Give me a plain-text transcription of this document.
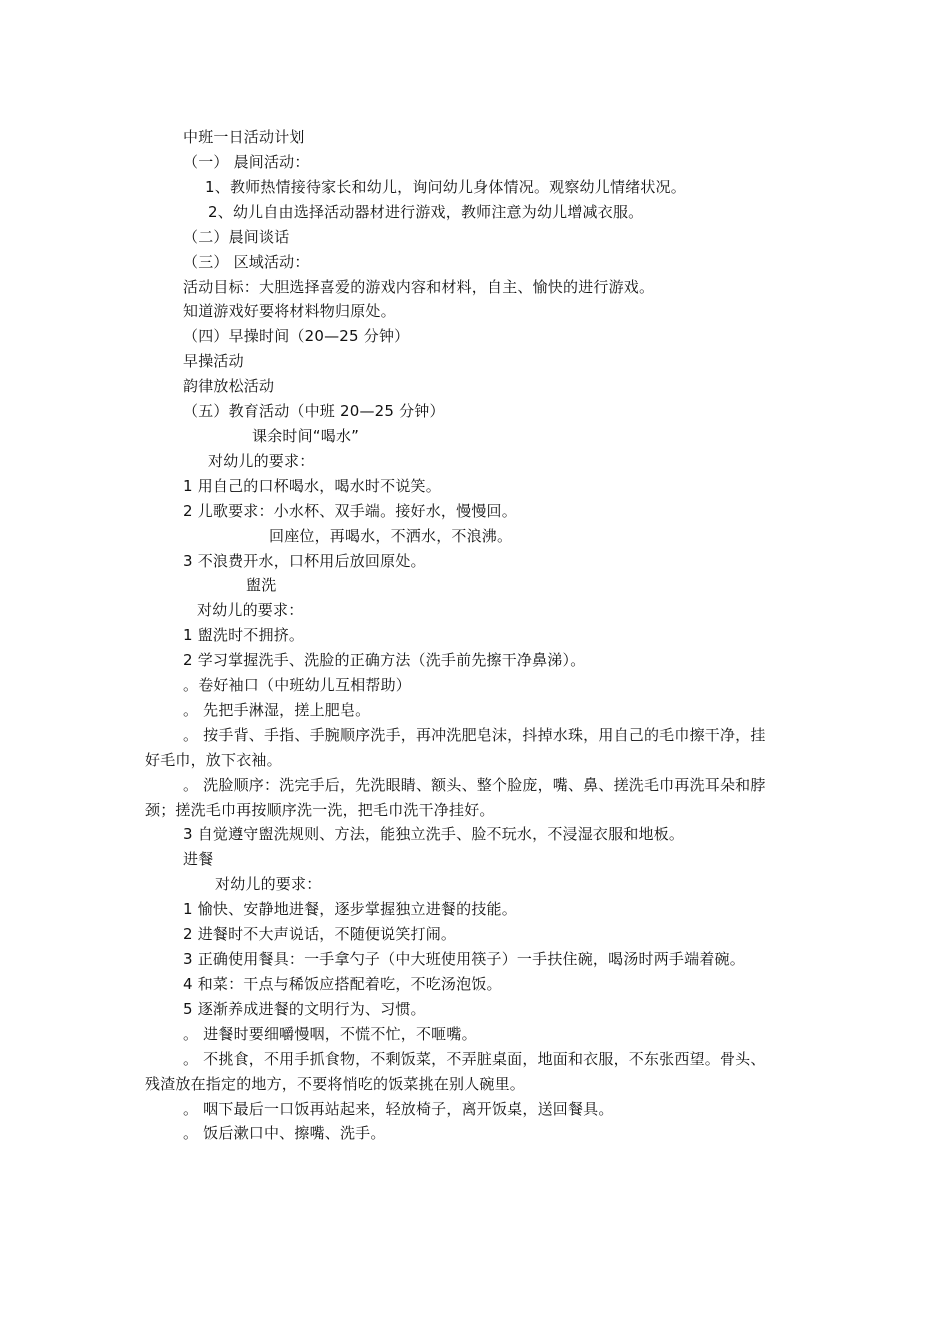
中班一日活动计划
（一） 晨间活动：
1、教师热情接待家长和幼儿，询问幼儿身体情况。观察幼儿情绪状况。
2、幼儿自由选择活动器材进行游戏，教师注意为幼儿增减衣服。
（二）晨间谈话
（三） 区域活动：
活动目标：大胆选择喜爱的游戏内容和材料，自主、愉快的进行游戏。
知道游戏好要将材料物归原处。
（四）早操时间（20—25 分钟）
早操活动
韵律放松活动
（五）教育活动（中班 20—25 分钟）
课余时间“喝水”
对幼儿的要求：
1 用自己的口杯喝水，喝水时不说笑。
2 儿歌要求：小水杯、双手端。接好水，慢慢回。
回座位，再喝水，不洒水，不浪沸。
3 不浪费开水，口杯用后放回原处。
盥洗
对幼儿的要求：
1 盥洗时不拥挤。
2 学习掌握洗手、洗脸的正确方法（洗手前先擦干净鼻涕）。
。卷好袖口（中班幼儿互相帮助）
。 先把手淋湿，搓上肥皂。
。 按手背、手指、手腕顺序洗手，再冲洗肥皂沫，抖掉水珠，用自己的毛巾擦干净，挂
好毛巾，放下衣袖。
。 洗脸顺序：洗完手后，先洗眼睛、额头、整个脸庞，嘴、鼻、搓洗毛巾再洗耳朵和脖
颈；搓洗毛巾再按顺序洗一洗，把毛巾洗干净挂好。
3 自觉遵守盥洗规则、方法，能独立洗手、脸不玩水，不浸湿衣服和地板。
进餐
对幼儿的要求：
1 愉快、安静地进餐，逐步掌握独立进餐的技能。
2 进餐时不大声说话，不随便说笑打闹。
3 正确使用餐具：一手拿勺子（中大班使用筷子）一手扶住碗，喝汤时两手端着碗。
4 和菜：干点与稀饭应搭配着吃，不吃汤泡饭。
5 逐渐养成进餐的文明行为、习惯。
。 进餐时要细嚼慢咽，不慌不忙，不咂嘴。
。 不挑食，不用手抓食物，不剩饭菜，不弄脏桌面，地面和衣服，不东张西望。骨头、
残渣放在指定的地方，不要将悄吃的饭菜挑在别人碗里。
。 咽下最后一口饭再站起来，轻放椅子，离开饭桌，送回餐具。
。 饭后漱口中、擦嘴、洗手。
